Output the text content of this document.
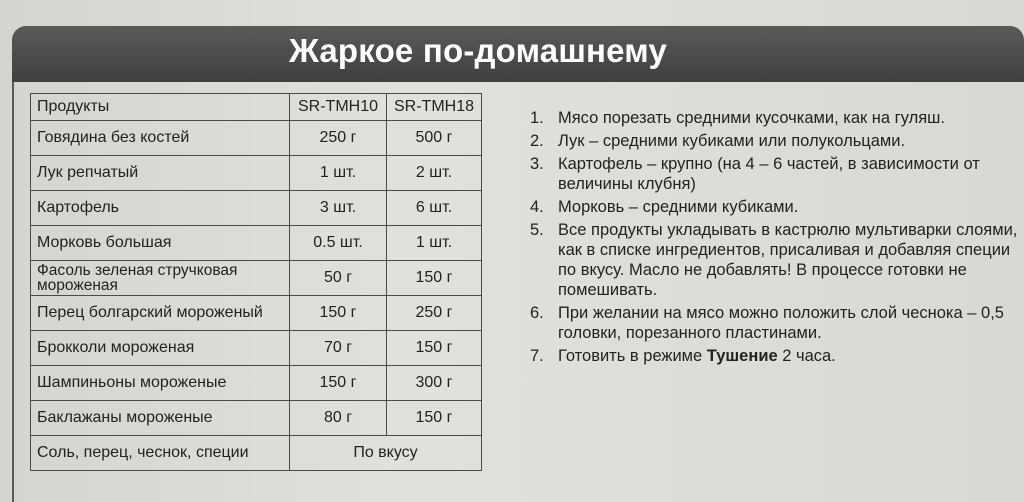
Жаркое по-домашнему
Продукты	SR-TMH10	SR-TMH18
Говядина без костей	250 г	500 г
Лук репчатый	1 шт.	2 шт.
Картофель	3 шт.	6 шт.
Морковь большая	0.5 шт.	1 шт.
Фасоль зеленая стручковая мороженая	50 г	150 г
Перец болгарский мороженый	150 г	250 г
Брокколи мороженая	70 г	150 г
Шампиньоны мороженые	150 г	300 г
Баклажаны мороженые	80 г	150 г
Соль, перец, чеснок, специи	По вкусу	
1. Мясо порезать средними кусочками, как на гуляш.
2. Лук – средними кубиками или полукольцами.
3. Картофель – крупно (на 4 – 6 частей, в зависимости от величины клубня)
4. Морковь – средними кубиками.
5. Все продукты укладывать в кастрюлю мультиварки слоями, как в списке ингредиентов, присаливая и добавляя специи по вкусу. Масло не добавлять! В процессе готовки не помешивать.
6. При желании на мясо можно положить слой чеснока – 0,5 головки, порезанного пластинами.
7. Готовить в режиме Тушение 2 часа.
